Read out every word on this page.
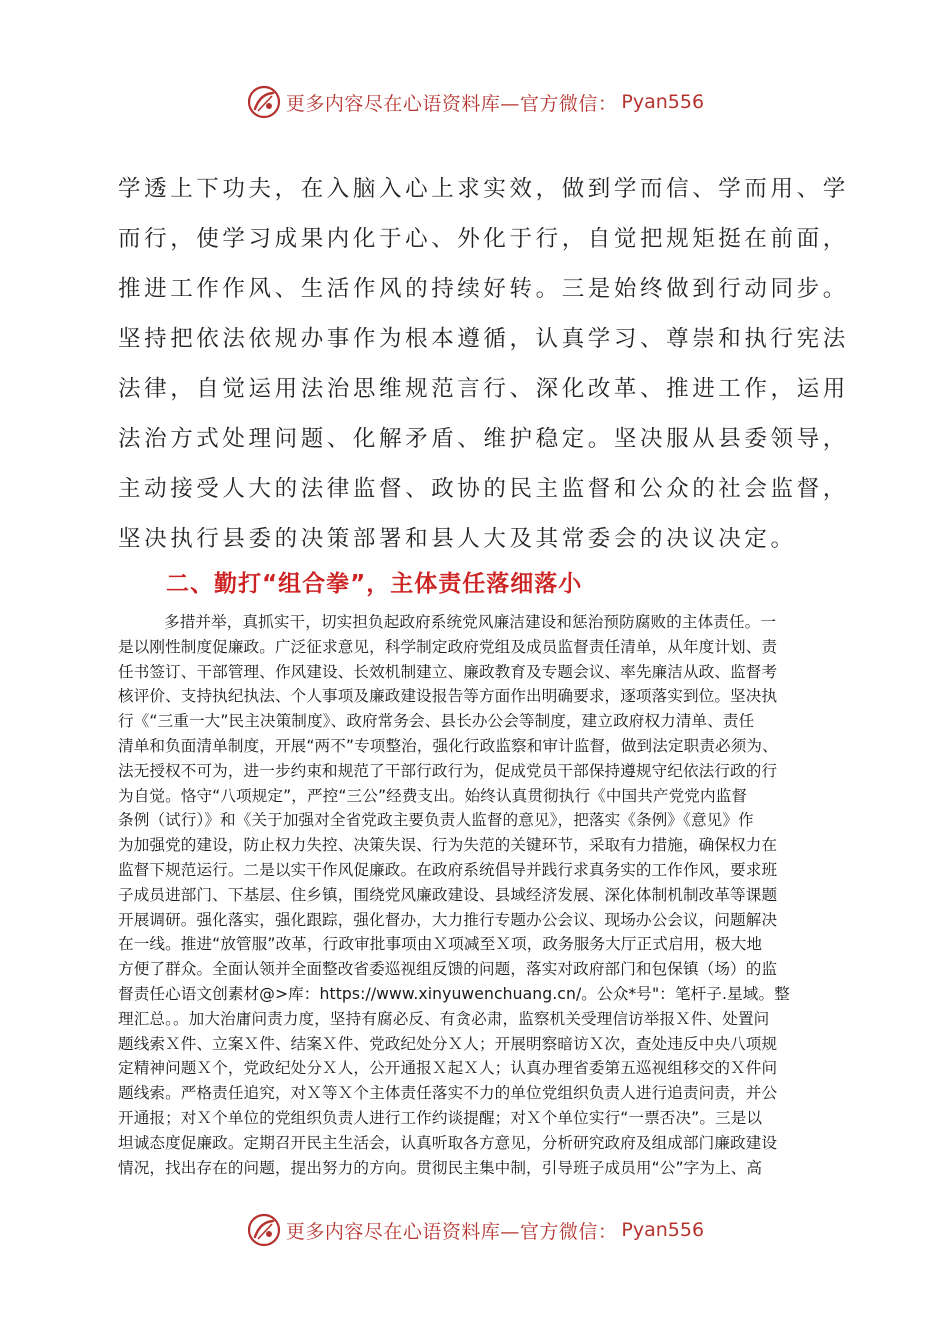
更多内容尽在心语资料库—官方微信： Pyan556

学透上下功夫，在入脑入心上求实效，做到学而信、学而用、学

而行，使学习成果内化于心、外化于行，自觉把规矩挺在前面，

推进工作作风、生活作风的持续好转。三是始终做到行动同步。

坚持把依法依规办事作为根本遵循，认真学习、尊崇和执行宪法

法律，自觉运用法治思维规范言行、深化改革、推进工作，运用

法治方式处理问题、化解矛盾、维护稳定。坚决服从县委领导，

主动接受人大的法律监督、政协的民主监督和公众的社会监督，

坚决执行县委的决策部署和县人大及其常委会的决议决定。

二、勤打“组合拳”，主体责任落细落小

多措并举，真抓实干，切实担负起政府系统党风廉洁建设和惩治预防腐败的主体责任。一

是以刚性制度促廉政。广泛征求意见，科学制定政府党组及成员监督责任清单，从年度计划、责

任书签订、干部管理、作风建设、长效机制建立、廉政教育及专题会议、率先廉洁从政、监督考

核评价、支持执纪执法、个人事项及廉政建设报告等方面作出明确要求，逐项落实到位。坚决执

行《“三重一大”民主决策制度》、政府常务会、县长办公会等制度，建立政府权力清单、责任

清单和负面清单制度，开展“两不”专项整治，强化行政监察和审计监督，做到法定职责必须为、

法无授权不可为，进一步约束和规范了干部行政行为，促成党员干部保持遵规守纪依法行政的行

为自觉。恪守“八项规定”，严控“三公”经费支出。始终认真贯彻执行《中国共产党党内监督

条例（试行）》和《关于加强对全省党政主要负责人监督的意见》，把落实《条例》《意见》作

为加强党的建设，防止权力失控、决策失误、行为失范的关键环节，采取有力措施，确保权力在

监督下规范运行。二是以实干作风促廉政。在政府系统倡导并践行求真务实的工作作风，要求班

子成员进部门、下基层、住乡镇，围绕党风廉政建设、县域经济发展、深化体制机制改革等课题

开展调研。强化落实，强化跟踪，强化督办，大力推行专题办公会议、现场办公会议，问题解决

在一线。推进“放管服”改革，行政审批事项由Ｘ项减至Ｘ项，政务服务大厅正式启用，极大地

方便了群众。全面认领并全面整改省委巡视组反馈的问题，落实对政府部门和包保镇（场）的监

督责任心语文创素材@>库：https://www.xinyuwenchuang.cn/。公众*号"：笔杆子.星域。整

理汇总。。加大治庸问责力度，坚持有腐必反、有贪必肃，监察机关受理信访举报Ｘ件、处置问

题线索Ｘ件、立案Ｘ件、结案Ｘ件、党政纪处分Ｘ人；开展明察暗访Ｘ次，查处违反中央八项规

定精神问题Ｘ个，党政纪处分Ｘ人，公开通报Ｘ起Ｘ人；认真办理省委第五巡视组移交的Ｘ件问

题线索。严格责任追究，对Ｘ等Ｘ个主体责任落实不力的单位党组织负责人进行追责问责，并公

开通报；对Ｘ个单位的党组织负责人进行工作约谈提醒；对Ｘ个单位实行“一票否决”。三是以

坦诚态度促廉政。定期召开民主生活会，认真听取各方意见，分析研究政府及组成部门廉政建设

情况，找出存在的问题，提出努力的方向。贯彻民主集中制，引导班子成员用“公”字为上、高

更多内容尽在心语资料库—官方微信： Pyan556
